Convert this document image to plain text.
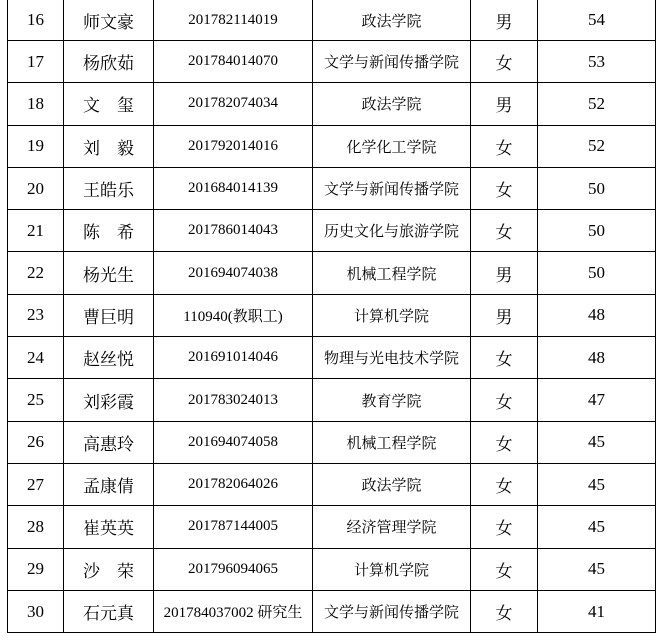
16	师文豪	201782114019	政法学院	男	54
17	杨欣茹	201784014070	文学与新闻传播学院	女	53
18	文　玺	201782074034	政法学院	男	52
19	刘　毅	201792014016	化学化工学院	女	52
20	王皓乐	201684014139	文学与新闻传播学院	女	50
21	陈　希	201786014043	历史文化与旅游学院	女	50
22	杨光生	201694074038	机械工程学院	男	50
23	曹巨明	110940(教职工)	计算机学院	男	48
24	赵丝悦	201691014046	物理与光电技术学院	女	48
25	刘彩霞	201783024013	教育学院	女	47
26	高惠玲	201694074058	机械工程学院	女	45
27	孟康倩	201782064026	政法学院	女	45
28	崔英英	201787144005	经济管理学院	女	45
29	沙　荣	201796094065	计算机学院	女	45
30	石元真	201784037002 研究生	文学与新闻传播学院	女	41
